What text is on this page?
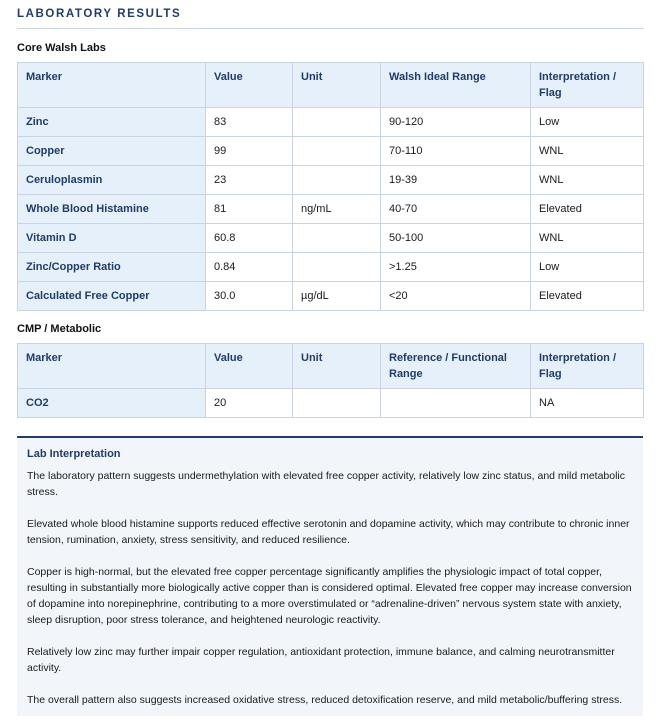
LABORATORY RESULTS
Core Walsh Labs
Marker	Value	Unit	Walsh Ideal Range	Interpretation / Flag
Zinc	83		90-120	Low
Copper	99		70-110	WNL
Ceruloplasmin	23		19-39	WNL
Whole Blood Histamine	81	ng/mL	40-70	Elevated
Vitamin D	60.8		50-100	WNL
Zinc/Copper Ratio	0.84		>1.25	Low
Calculated Free Copper	30.0	µg/dL	<20	Elevated
CMP / Metabolic
Marker	Value	Unit	Reference / Functional Range	Interpretation / Flag
CO2	20			NA
Lab Interpretation

The laboratory pattern suggests undermethylation with elevated free copper activity, relatively low zinc status, and mild metabolic stress.

Elevated whole blood histamine supports reduced effective serotonin and dopamine activity, which may contribute to chronic inner tension, rumination, anxiety, stress sensitivity, and reduced resilience.

Copper is high-normal, but the elevated free copper percentage significantly amplifies the physiologic impact of total copper, resulting in substantially more biologically active copper than is considered optimal. Elevated free copper may increase conversion of dopamine into norepinephrine, contributing to a more overstimulated or “adrenaline-driven” nervous system state with anxiety, sleep disruption, poor stress tolerance, and heightened neurologic reactivity.

Relatively low zinc may further impair copper regulation, antioxidant protection, immune balance, and calming neurotransmitter activity.

The overall pattern also suggests increased oxidative stress, reduced detoxification reserve, and mild metabolic/buffering stress.
